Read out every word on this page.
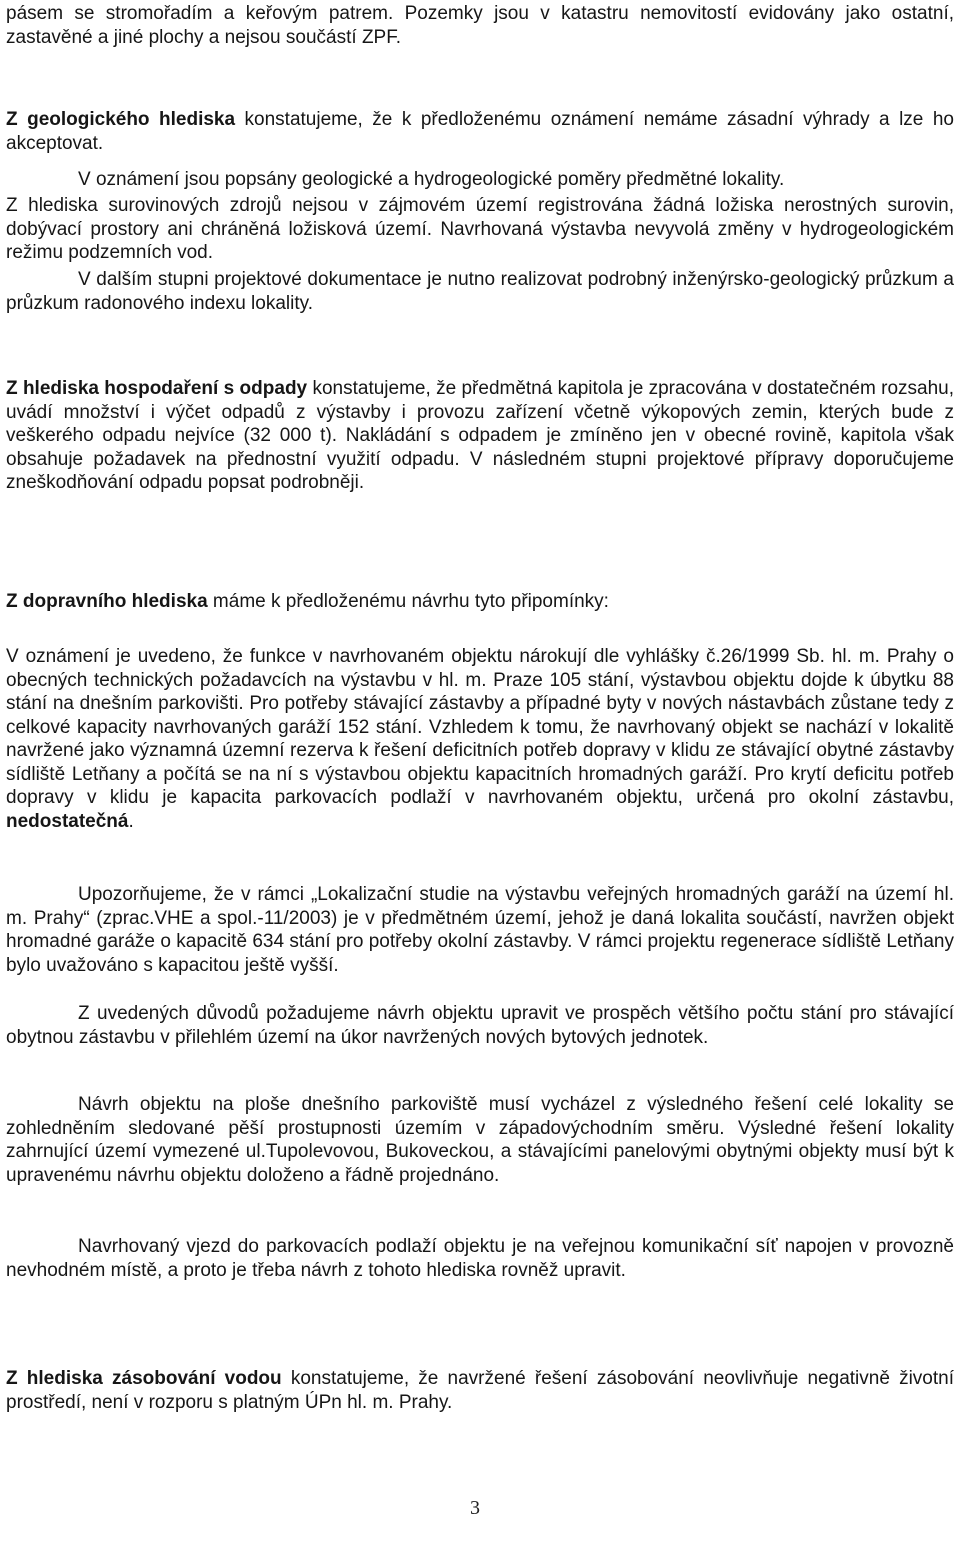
pásem se stromořadím a keřovým patrem. Pozemky jsou v katastru nemovitostí evidovány jako ostatní, zastavěné a jiné plochy a nejsou součástí ZPF.

Z geologického hlediska konstatujeme, že k předloženému oznámení nemáme zásadní výhrady a lze ho akceptovat.

V oznámení jsou popsány geologické a hydrogeologické poměry předmětné lokality.

Z hlediska surovinových zdrojů nejsou v zájmovém území registrována žádná ložiska nerostných surovin, dobývací prostory ani chráněná ložisková území. Navrhovaná výstavba nevyvolá změny v hydrogeologickém režimu podzemních vod.

V dalším stupni projektové dokumentace je nutno realizovat podrobný inženýrsko-geologický průzkum a průzkum radonového indexu lokality.

Z hlediska hospodaření s odpady konstatujeme, že předmětná kapitola je zpracována v dostatečném rozsahu, uvádí množství i výčet odpadů z výstavby i provozu zařízení včetně výkopových zemin, kterých bude z veškerého odpadu nejvíce (32 000 t). Nakládání s odpadem je zmíněno jen v obecné rovině, kapitola však obsahuje požadavek na přednostní využití odpadu. V následném stupni projektové přípravy doporučujeme zneškodňování odpadu popsat podrobněji.

Z dopravního hlediska máme k předloženému návrhu tyto připomínky:

V oznámení je uvedeno, že funkce v navrhovaném objektu nárokují dle vyhlášky č.26/1999 Sb. hl. m. Prahy o obecných technických požadavcích na výstavbu v hl. m. Praze 105 stání, výstavbou objektu dojde k úbytku 88 stání na dnešním parkovišti. Pro potřeby stávající zástavby a případné byty v nových nástavbách zůstane tedy z celkové kapacity navrhovaných garáží 152 stání. Vzhledem k tomu, že navrhovaný objekt se nachází v lokalitě navržené jako významná územní rezerva k řešení deficitních potřeb dopravy v klidu ze stávající obytné zástavby sídliště Letňany a počítá se na ní s výstavbou objektu kapacitních hromadných garáží. Pro krytí deficitu potřeb dopravy v klidu je kapacita parkovacích podlaží v navrhovaném objektu, určená pro okolní zástavbu, nedostatečná.

Upozorňujeme, že v rámci „Lokalizační studie na výstavbu veřejných hromadných garáží na území hl. m. Prahy“ (zprac.VHE a spol.-11/2003) je v předmětném území, jehož je daná lokalita součástí, navržen objekt hromadné garáže o kapacitě 634 stání pro potřeby okolní zástavby. V rámci projektu regenerace sídliště Letňany bylo uvažováno s kapacitou ještě vyšší.

Z uvedených důvodů požadujeme návrh objektu upravit ve prospěch většího počtu stání pro stávající obytnou zástavbu v přilehlém území na úkor navržených nových bytových jednotek.

Návrh objektu na ploše dnešního parkoviště musí vycházel z výsledného řešení celé lokality se zohledněním sledované pěší prostupnosti územím v západovýchodním směru. Výsledné řešení lokality zahrnující území vymezené ul.Tupolevovou, Bukoveckou, a stávajícími panelovými obytnými objekty musí být k upravenému návrhu objektu doloženo a řádně projednáno.

Navrhovaný vjezd do parkovacích podlaží objektu je na veřejnou komunikační síť napojen v provozně nevhodném místě, a proto je třeba návrh z tohoto hlediska rovněž upravit.

Z hlediska zásobování vodou konstatujeme, že navržené řešení zásobování neovlivňuje negativně životní prostředí, není v rozporu s platným ÚPn hl. m. Prahy.

3
